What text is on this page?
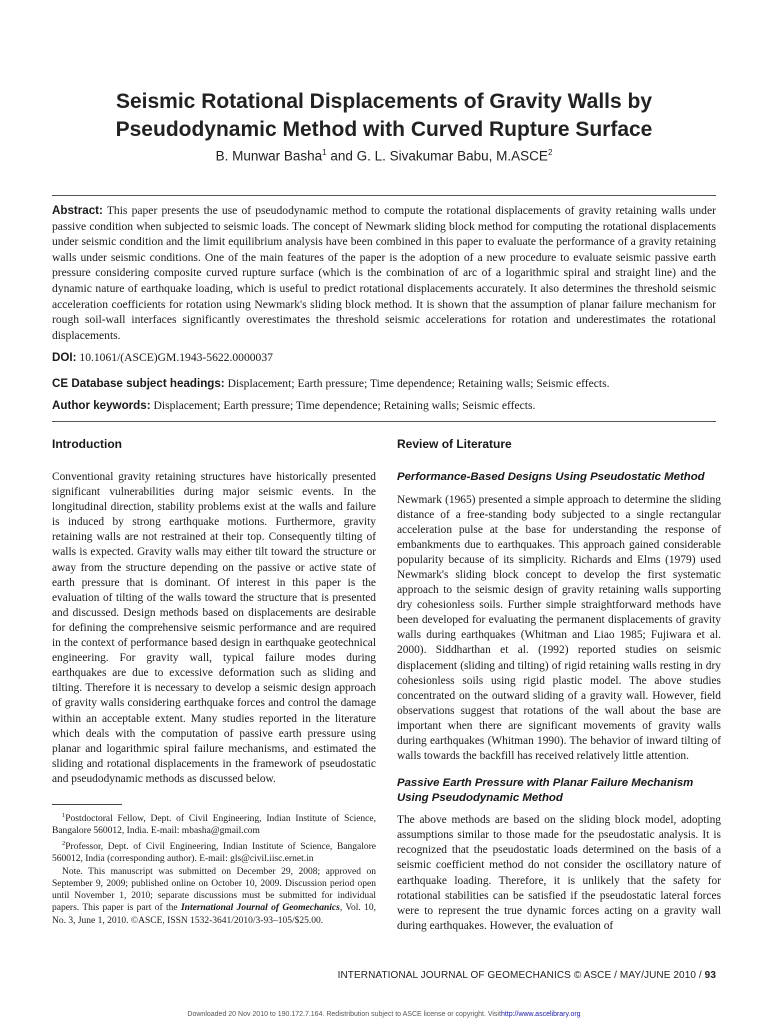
Seismic Rotational Displacements of Gravity Walls by
Pseudodynamic Method with Curved Rupture Surface
B. Munwar Basha$^1$ and G. L. Sivakumar Babu, M.ASCE$^2$
Abstract: This paper presents the use of pseudodynamic method to compute the rotational displacements of gravity retaining walls under passive condition when subjected to seismic loads. The concept of Newmark sliding block method for computing the rotational displacements under seismic condition and the limit equilibrium analysis have been combined in this paper to evaluate the performance of a gravity retaining walls under seismic conditions. One of the main features of the paper is the adoption of a new procedure to evaluate seismic passive earth pressure considering composite curved rupture surface (which is the combination of arc of a logarithmic spiral and straight line) and the dynamic nature of earthquake loading, which is useful to predict rotational displacements accurately. It also determines the threshold seismic acceleration coefficients for rotation using Newmark's sliding block method. It is shown that the assumption of planar failure mechanism for rough soil-wall interfaces significantly overestimates the threshold seismic accelerations for rotation and underestimates the rotational displacements.
DOI: 10.1061/(ASCE)GM.1943-5622.0000037
CE Database subject headings: Displacement; Earth pressure; Time dependence; Retaining walls; Seismic effects.
Author keywords: Displacement; Earth pressure; Time dependence; Retaining walls; Seismic effects.
Introduction

Conventional gravity retaining structures have historically presented significant vulnerabilities during major seismic events. In the longitudinal direction, stability problems exist at the walls and failure is induced by strong earthquake motions. Furthermore, gravity retaining walls are not restrained at their top. Consequently tilting of walls is expected. Gravity walls may either tilt toward the structure or away from the structure depending on the passive or active state of earth pressure that is dominant. Of interest in this paper is the evaluation of tilting of the walls toward the structure that is presented and discussed. Design methods based on displacements are desirable for defining the comprehensive seismic performance and are required in the context of performance based design in earthquake geotechnical engineering. For gravity wall, typical failure modes during earthquakes are due to excessive deformation such as sliding and tilting. Therefore it is necessary to develop a seismic design approach of gravity walls considering earthquake forces and control the damage within an acceptable extent. Many studies reported in the literature which deals with the computation of passive earth pressure using planar and logarithmic spiral failure mechanisms, and estimated the sliding and rotational displacements in the framework of pseudostatic and pseudodynamic methods as discussed below.

$^1$Postdoctoral Fellow, Dept. of Civil Engineering, Indian Institute of Science, Bangalore 560012, India. E-mail: mbasha@gmail.com
$^2$Professor, Dept. of Civil Engineering, Indian Institute of Science, Bangalore 560012, India (corresponding author). E-mail: gls@civil.iisc.ernet.in
Note. This manuscript was submitted on December 29, 2008; approved on September 9, 2009; published online on October 10, 2009. Discussion period open until November 1, 2010; separate discussions must be submitted for individual papers. This paper is part of the International Journal of Geomechanics, Vol. 10, No. 3, June 1, 2010. ©ASCE, ISSN 1532-3641/2010/3-93–105/$25.00.
Review of Literature
Performance-Based Designs Using Pseudostatic Method

Newmark (1965) presented a simple approach to determine the sliding distance of a free-standing body subjected to a single rectangular acceleration pulse at the base for understanding the response of embankments due to earthquakes. This approach gained considerable popularity because of its simplicity. Richards and Elms (1979) used Newmark's sliding block concept to develop the first systematic approach to the seismic design of gravity retaining walls supporting dry cohesionless soils. Further simple straightforward methods have been developed for evaluating the permanent displacements of gravity walls during earthquakes (Whitman and Liao 1985; Fujiwara et al. 2000). Siddharthan et al. (1992) reported studies on seismic displacement (sliding and tilting) of rigid retaining walls resting in dry cohesionless soils using rigid plastic model. The above studies concentrated on the outward sliding of a gravity wall. However, field observations suggest that rotations of the wall about the base are important when there are significant movements of gravity walls during earthquakes (Whitman 1990). The behavior of inward tilting of walls towards the backfill has received relatively little attention.

Passive Earth Pressure with Planar Failure Mechanism Using Pseudodynamic Method

The above methods are based on the sliding block model, adopting assumptions similar to those made for the pseudostatic analysis. It is recognized that the pseudostatic loads determined on the basis of a seismic coefficient method do not consider the oscillatory nature of earthquake loading. Therefore, it is unlikely that the safety for rotational stabilities can be satisfied if the pseudostatic lateral forces were to represent the true dynamic forces acting on a gravity wall during earthquakes. However, the evaluation of

INTERNATIONAL JOURNAL OF GEOMECHANICS © ASCE / MAY/JUNE 2010 / 93
Downloaded 20 Nov 2010 to 190.172.7.164. Redistribution subject to ASCE license or copyright. Visithttp://www.ascelibrary.org
